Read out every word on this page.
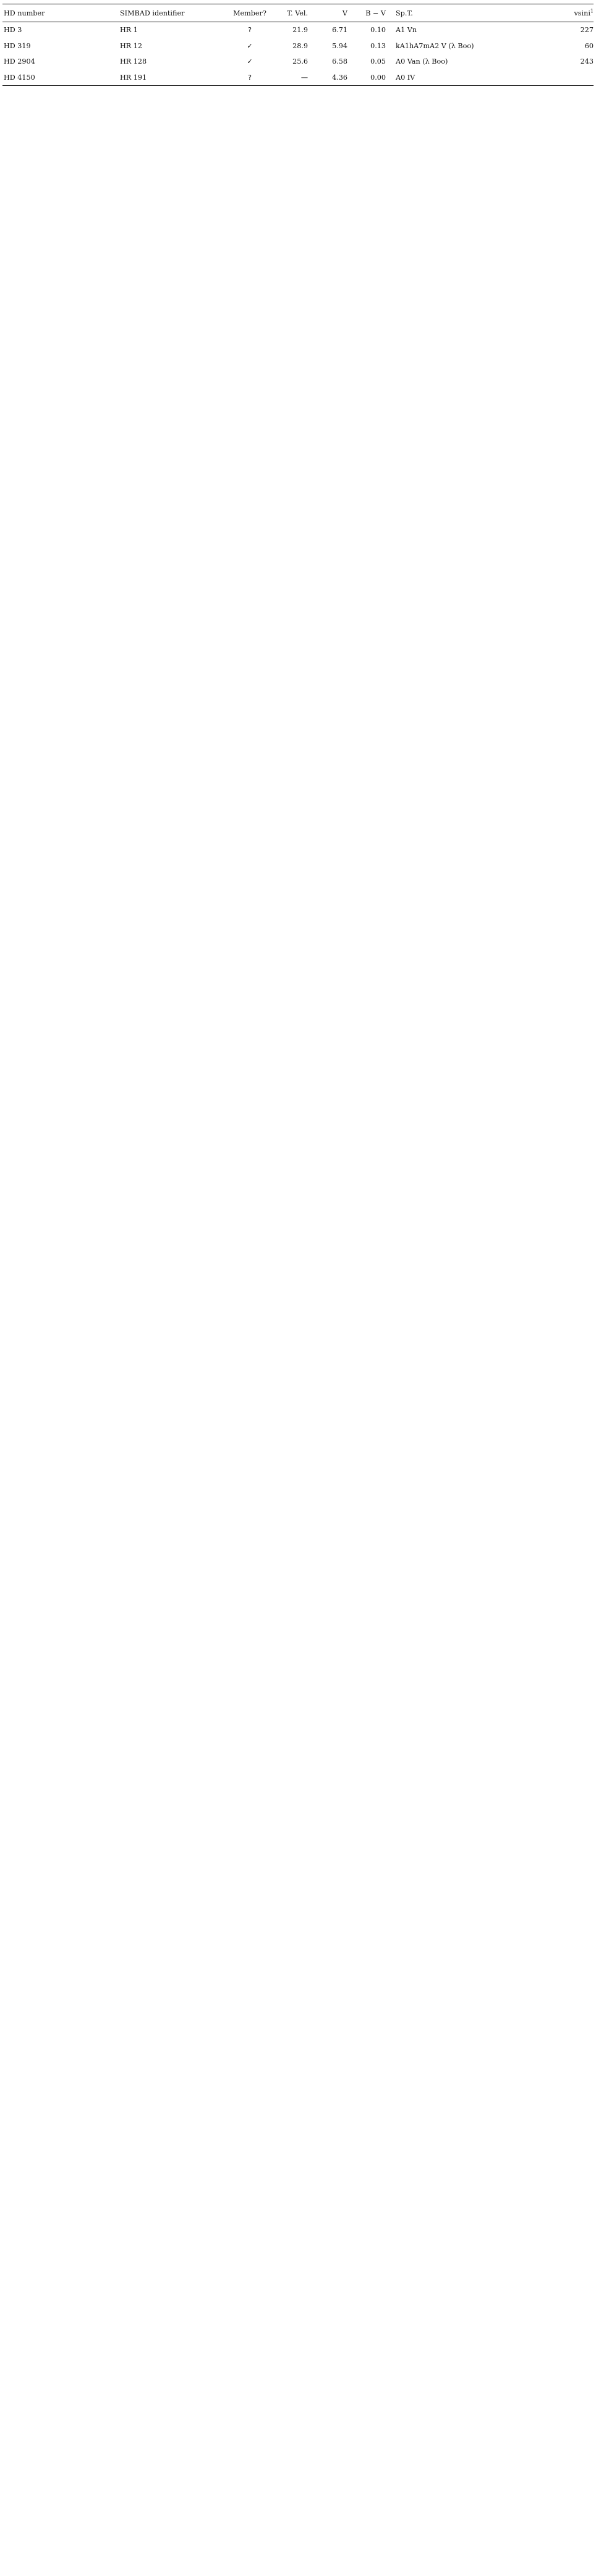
HD number	SIMBAD identifier	Member?	T. Vel.	V	B − V	Sp.T.	vsini$^1$
HD 3	HR 1	?	21.9	6.71	0.10	A1 Vn	227
HD 319	HR 12	✓	28.9	5.94	0.13	kA1hA7mA2 V (λ Boo)	60
HD 2904	HR 128	✓	25.6	6.58	0.05	A0 Van (λ Boo)	243
HD 4150	HR 191	?	—	4.36	0.00	A0 IV
